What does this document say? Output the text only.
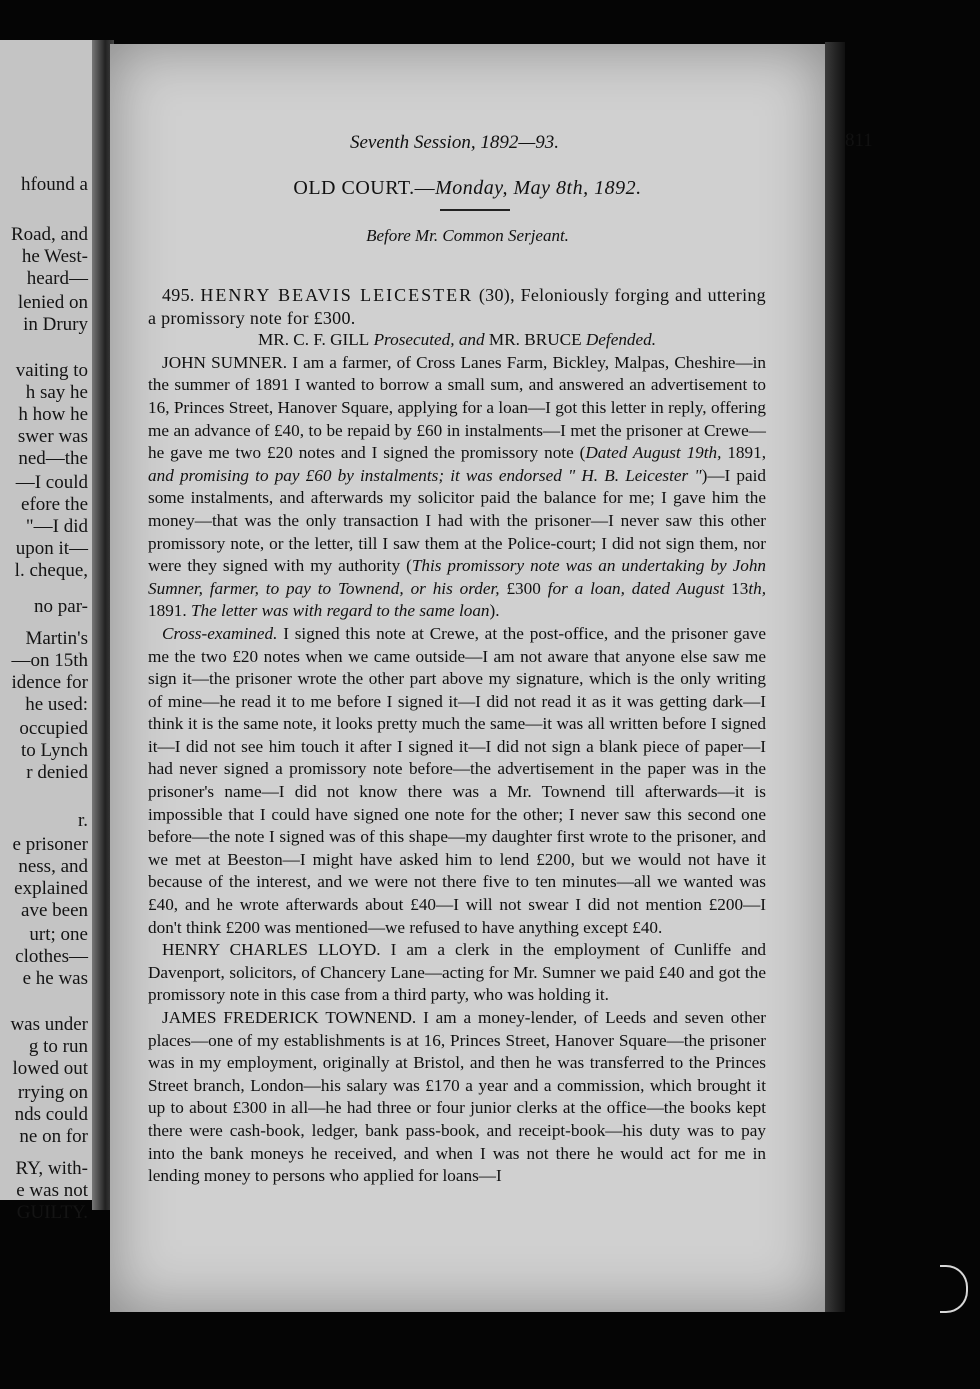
hfound a
Road, and
he West-
heard—
lenied on
in Drury
vaiting to
h say he
h how he
swer was
ned—the
—I could
efore the
"—I did
upon it—
l. cheque,
no par-
Martin's
—on 15th
idence for
he used:
occupied
to Lynch
r denied
r.
e prisoner
ness, and
explained
ave been
urt; one
clothes—
e he was
was under
g to run
lowed out
rrying on
nds could
ne on for
RY, with-
e was not
GUILTY.
Seventh Session, 1892—93.	811
OLD COURT.—Monday, May 8th, 1892.
Before Mr. Common Serjeant.

495. HENRY BEAVIS LEICESTER (30), Feloniously forging and uttering a promissory note for £300.

MR. C. F. GILL Prosecuted, and MR. BRUCE Defended.

JOHN SUMNER. I am a farmer, of Cross Lanes Farm, Bickley, Malpas, Cheshire—in the summer of 1891 I wanted to borrow a small sum, and answered an advertisement to 16, Princes Street, Hanover Square, applying for a loan—I got this letter in reply, offering me an advance of £40, to be repaid by £60 in instalments—I met the prisoner at Crewe—he gave me two £20 notes and I signed the promissory note (Dated August 19th, 1891, and promising to pay £60 by instalments; it was endorsed " H. B. Leicester ")—I paid some instalments, and afterwards my solicitor paid the balance for me; I gave him the money—that was the only transaction I had with the prisoner—I never saw this other promissory note, or the letter, till I saw them at the Police-court; I did not sign them, nor were they signed with my authority (This promissory note was an undertaking by John Sumner, farmer, to pay to Townend, or his order, £300 for a loan, dated August 13th, 1891. The letter was with regard to the same loan).

Cross-examined. I signed this note at Crewe, at the post-office, and the prisoner gave me the two £20 notes when we came outside—I am not aware that anyone else saw me sign it—the prisoner wrote the other part above my signature, which is the only writing of mine—he read it to me before I signed it—I did not read it as it was getting dark—I think it is the same note, it looks pretty much the same—it was all written before I signed it—I did not see him touch it after I signed it—I did not sign a blank piece of paper—I had never signed a promissory note before—the advertisement in the paper was in the prisoner's name—I did not know there was a Mr. Townend till afterwards—it is impossible that I could have signed one note for the other; I never saw this second one before—the note I signed was of this shape—my daughter first wrote to the prisoner, and we met at Beeston—I might have asked him to lend £200, but we would not have it because of the interest, and we were not there five to ten minutes—all we wanted was £40, and he wrote afterwards about £40—I will not swear I did not mention £200—I don't think £200 was mentioned—we refused to have anything except £40.

HENRY CHARLES LLOYD. I am a clerk in the employment of Cunliffe and Davenport, solicitors, of Chancery Lane—acting for Mr. Sumner we paid £40 and got the promissory note in this case from a third party, who was holding it.

JAMES FREDERICK TOWNEND. I am a money-lender, of Leeds and seven other places—one of my establishments is at 16, Princes Street, Hanover Square—the prisoner was in my employment, originally at Bristol, and then he was transferred to the Princes Street branch, London—his salary was £170 a year and a commission, which brought it up to about £300 in all—he had three or four junior clerks at the office—the books kept there were cash-book, ledger, bank pass-book, and receipt-book—his duty was to pay into the bank moneys he received, and when I was not there he would act for me in lending money to persons who applied for loans—I
